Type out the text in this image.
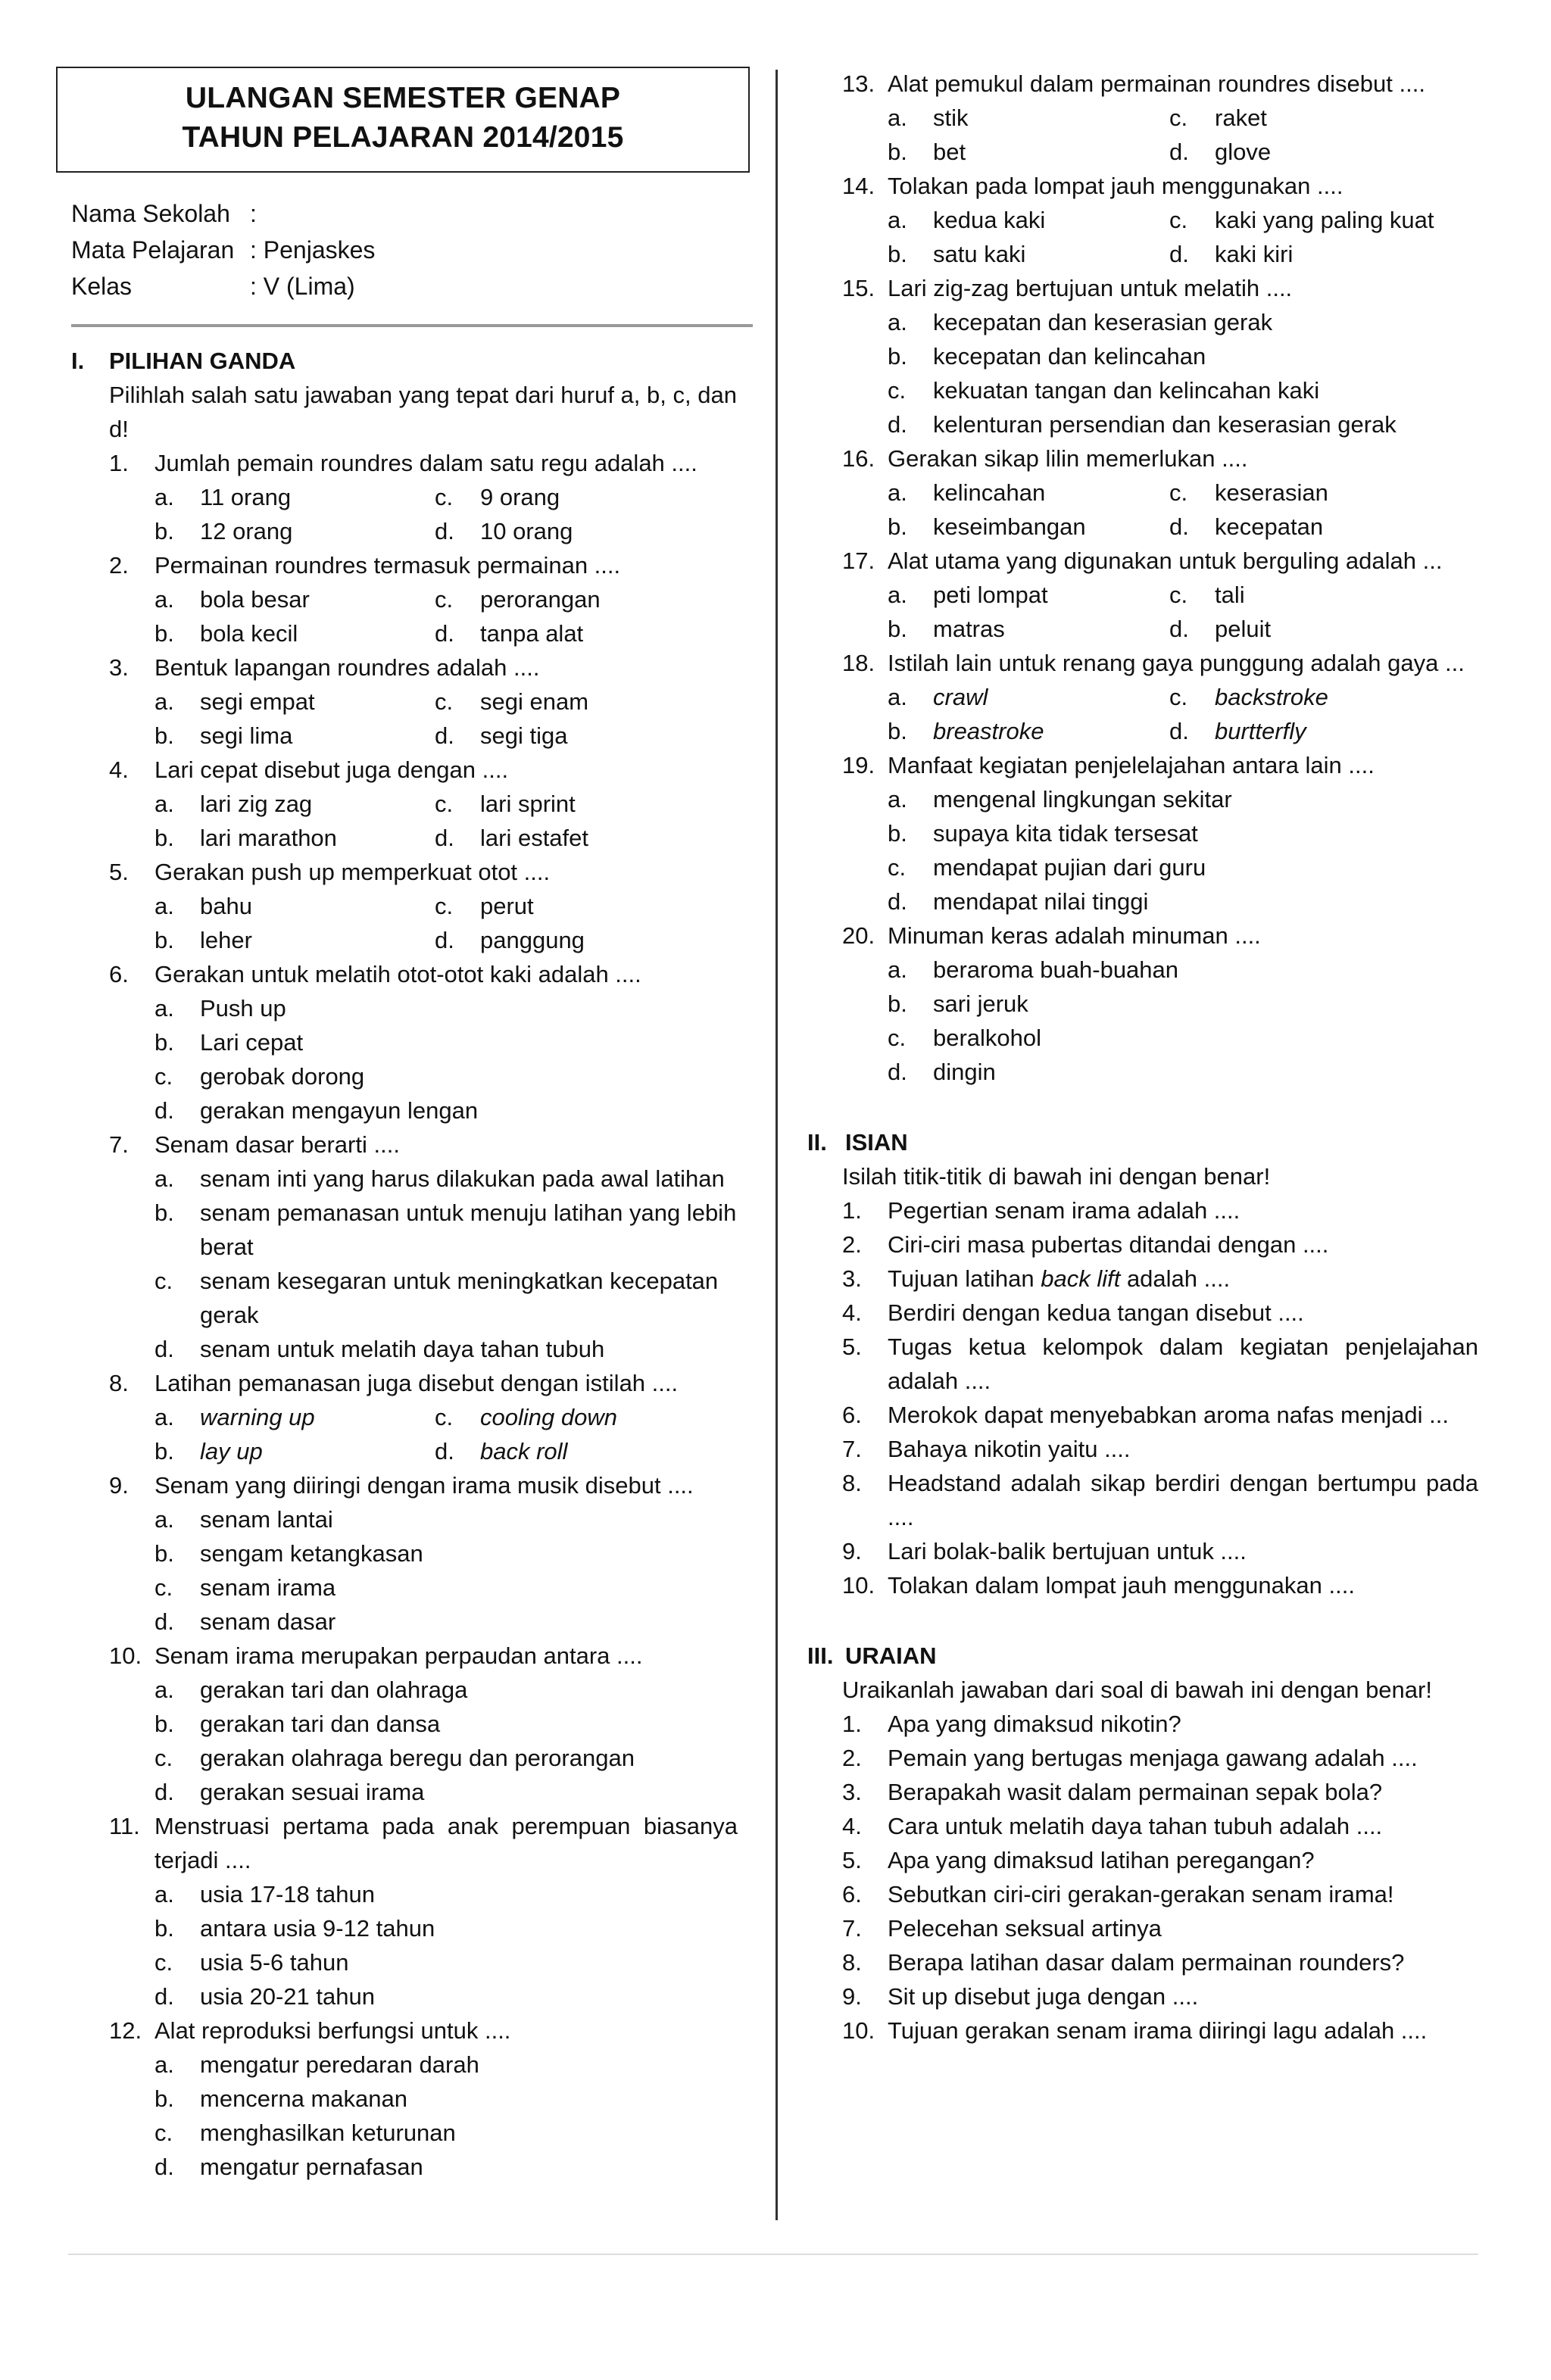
ULANGAN SEMESTER GENAP
TAHUN PELAJARAN 2014/2015
Nama Sekolah :
Mata Pelajaran : Penjaskes
Kelas	: V (Lima)
I.	PILIHAN GANDA
Pilihlah salah satu jawaban yang tepat dari huruf a, b, c, dan d!
1.	Jumlah pemain roundres dalam satu regu adalah ....
a.	11 orang	c.	9 orang
b.	12 orang	d.	10 orang
2.	Permainan roundres termasuk permainan ....
a.	bola besar	c.	perorangan
b.	bola kecil	d.	tanpa alat
3.	Bentuk lapangan roundres adalah ....
a.	segi empat	c.	segi enam
b.	segi lima	d.	segi tiga
4.	Lari cepat disebut juga dengan ....
a.	lari zig zag	c.	lari sprint
b.	lari marathon	d.	lari estafet
5.	Gerakan push up memperkuat otot ....
a.	bahu	c.	perut
b.	leher	d.	panggung
6.	Gerakan untuk melatih otot-otot kaki adalah ....
a.	Push up
b.	Lari cepat
c.	gerobak dorong
d.	gerakan mengayun lengan
7.	Senam dasar berarti ....
a.	senam inti yang harus dilakukan pada awal latihan
b.	senam pemanasan untuk menuju latihan yang lebih berat
c.	senam kesegaran untuk meningkatkan kecepatan gerak
d.	senam untuk melatih daya tahan tubuh
8.	Latihan pemanasan juga disebut dengan istilah ....
a.	warning up	c.	cooling down
b.	lay up	d.	back roll
9.	Senam yang diiringi dengan irama musik disebut ....
a.	senam lantai
b.	sengam ketangkasan
c.	senam irama
d.	senam dasar
10. Senam irama merupakan perpaudan antara ....
a.	gerakan tari dan olahraga
b.	gerakan tari dan dansa
c.	gerakan olahraga beregu dan perorangan
d.	gerakan sesuai irama
11. Menstruasi pertama pada anak perempuan biasanya terjadi ....
a.	usia 17-18 tahun
b.	antara usia 9-12 tahun
c.	usia 5-6 tahun
d.	usia 20-21 tahun
12. Alat reproduksi berfungsi untuk ....
a.	mengatur peredaran darah
b.	mencerna makanan
c.	menghasilkan keturunan
d.	mengatur pernafasan
13. Alat pemukul dalam permainan roundres disebut ....
a.	stik	c.	raket
b.	bet	d.	glove
14. Tolakan pada lompat jauh menggunakan ....
a.	kedua kaki	c.	kaki yang paling kuat
b.	satu kaki	d.	kaki kiri
15. Lari zig-zag bertujuan untuk melatih ....
a.	kecepatan dan keserasian gerak
b.	kecepatan dan kelincahan
c.	kekuatan tangan dan kelincahan kaki
d.	kelenturan persendian dan keserasian gerak
16. Gerakan sikap lilin memerlukan ....
a.	kelincahan	c.	keserasian
b.	keseimbangan	d.	kecepatan
17. Alat utama yang digunakan untuk berguling adalah ...
a.	peti lompat	c.	tali
b.	matras	d.	peluit
18. Istilah lain untuk renang gaya punggung adalah gaya ...
a.	crawl	c.	backstroke
b.	breastroke	d.	burtterfly
19. Manfaat kegiatan penjelelajahan antara lain ....
a.	mengenal lingkungan sekitar
b.	supaya kita tidak tersesat
c.	mendapat pujian dari guru
d.	mendapat nilai tinggi
20. Minuman keras adalah minuman ....
a.	beraroma buah-buahan
b.	sari jeruk
c.	beralkohol
d.	dingin
II. ISIAN
Isilah titik-titik di bawah ini dengan benar!
1.	Pegertian senam irama adalah ....
2.	Ciri-ciri masa pubertas ditandai dengan ....
3.	Tujuan latihan back lift adalah ....
4.	Berdiri dengan kedua tangan disebut ....
5.	Tugas ketua kelompok dalam kegiatan penjelajahan adalah ....
6.	Merokok dapat menyebabkan aroma nafas menjadi ...
7.	Bahaya nikotin yaitu ....
8.	Headstand adalah sikap berdiri dengan bertumpu pada ....
9.	Lari bolak-balik bertujuan untuk ....
10. Tolakan dalam lompat jauh menggunakan ....
III. URAIAN
Uraikanlah jawaban dari soal di bawah ini dengan benar!
1.	Apa yang dimaksud nikotin?
2.	Pemain yang bertugas menjaga gawang adalah ....
3.	Berapakah wasit dalam permainan sepak bola?
4.	Cara untuk melatih daya tahan tubuh adalah ....
5.	Apa yang dimaksud latihan peregangan?
6.	Sebutkan ciri-ciri gerakan-gerakan senam irama!
7.	Pelecehan seksual artinya
8.	Berapa latihan dasar dalam permainan rounders?
9.	Sit up disebut juga dengan ....
10. Tujuan gerakan senam irama diiringi lagu adalah ....
